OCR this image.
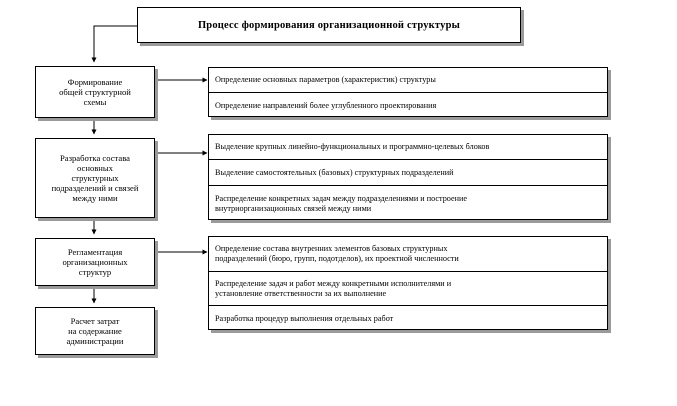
Процесс формирования организационной структуры
Формирование
общей структурной
схемы
Определение основных параметров (характеристик) структуры
Определение направлений более углубленного проектирования
Разработка состава
основных
структурных
подразделений и связей
между ними
Выделение крупных линейно-функциональных и программно-целевых блоков
Выделение самостоятельных (базовых) структурных подразделений
Распределение конкретных задач между подразделениями и построение
внутриорганизационных связей между ними
Регламентация
организационных
структур
Определение состава внутренних элементов базовых структурных
подразделений (бюро, групп, подотделов), их проектной численности
Распределение задач и работ между конкретными исполнителями и
установление ответственности за их выполнение
Разработка процедур выполнения отдельных работ
Расчет затрат
на содержание
администрации
